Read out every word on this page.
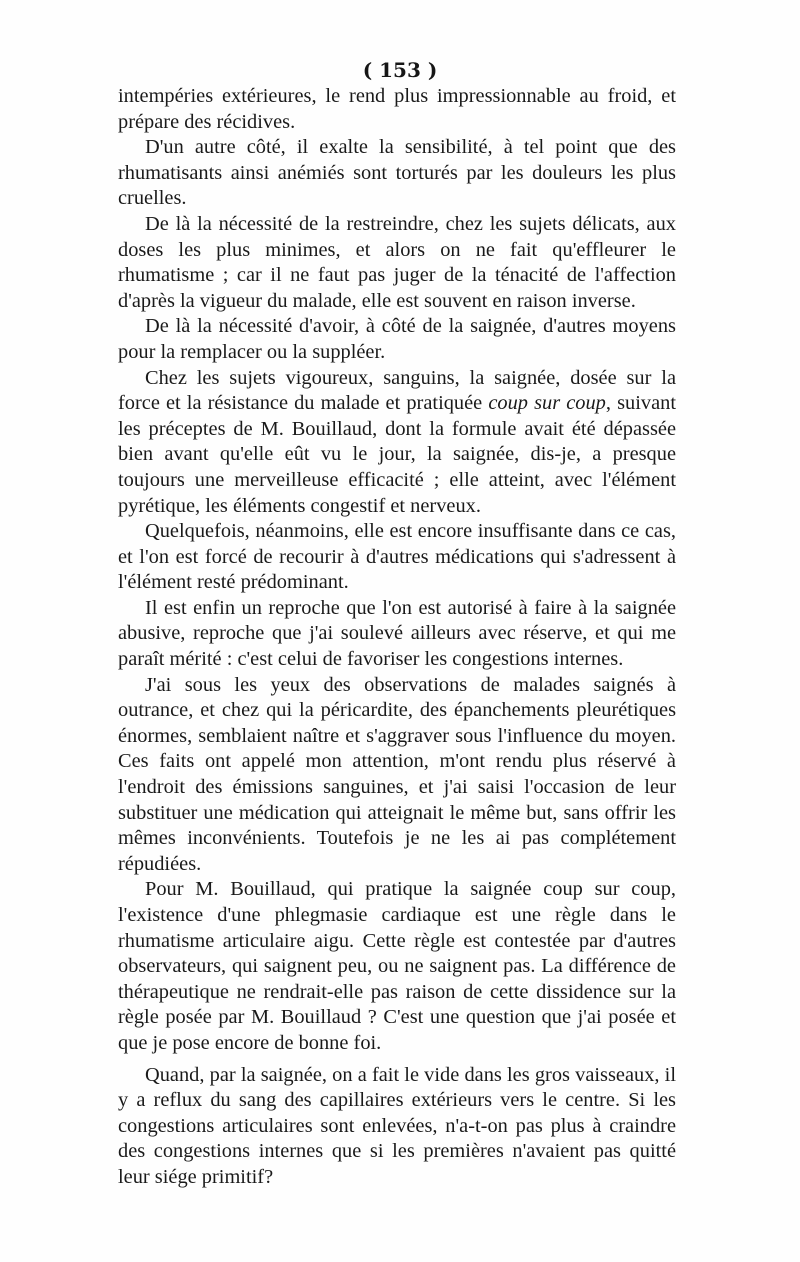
( 153 )

intempéries extérieures, le rend plus impressionnable au froid, et prépare des récidives.

D'un autre côté, il exalte la sensibilité, à tel point que des rhumatisants ainsi anémiés sont torturés par les douleurs les plus cruelles.

De là la nécessité de la restreindre, chez les sujets délicats, aux doses les plus minimes, et alors on ne fait qu'effleurer le rhumatisme ; car il ne faut pas juger de la ténacité de l'affection d'après la vigueur du malade, elle est souvent en raison inverse.

De là la nécessité d'avoir, à côté de la saignée, d'autres moyens pour la remplacer ou la suppléer.

Chez les sujets vigoureux, sanguins, la saignée, dosée sur la force et la résistance du malade et pratiquée coup sur coup, suivant les préceptes de M. Bouillaud, dont la formule avait été dépassée bien avant qu'elle eût vu le jour, la saignée, dis-je, a presque toujours une merveilleuse efficacité ; elle atteint, avec l'élément pyrétique, les éléments congestif et nerveux.

Quelquefois, néanmoins, elle est encore insuffisante dans ce cas, et l'on est forcé de recourir à d'autres médications qui s'adressent à l'élément resté prédominant.

Il est enfin un reproche que l'on est autorisé à faire à la saignée abusive, reproche que j'ai soulevé ailleurs avec réserve, et qui me paraît mérité : c'est celui de favoriser les congestions internes.

J'ai sous les yeux des observations de malades saignés à outrance, et chez qui la péricardite, des épanchements pleurétiques énormes, semblaient naître et s'aggraver sous l'influence du moyen. Ces faits ont appelé mon attention, m'ont rendu plus réservé à l'endroit des émissions sanguines, et j'ai saisi l'occasion de leur substituer une médication qui atteignait le même but, sans offrir les mêmes inconvénients. Toutefois je ne les ai pas complétement répudiées.

Pour M. Bouillaud, qui pratique la saignée coup sur coup, l'existence d'une phlegmasie cardiaque est une règle dans le rhumatisme articulaire aigu. Cette règle est contestée par d'autres observateurs, qui saignent peu, ou ne saignent pas. La différence de thérapeutique ne rendrait-elle pas raison de cette dissidence sur la règle posée par M. Bouillaud ? C'est une question que j'ai posée et que je pose encore de bonne foi.

Quand, par la saignée, on a fait le vide dans les gros vaisseaux, il y a reflux du sang des capillaires extérieurs vers le centre. Si les congestions articulaires sont enlevées, n'a-t-on pas plus à craindre des congestions internes que si les premières n'avaient pas quitté leur siége primitif?
